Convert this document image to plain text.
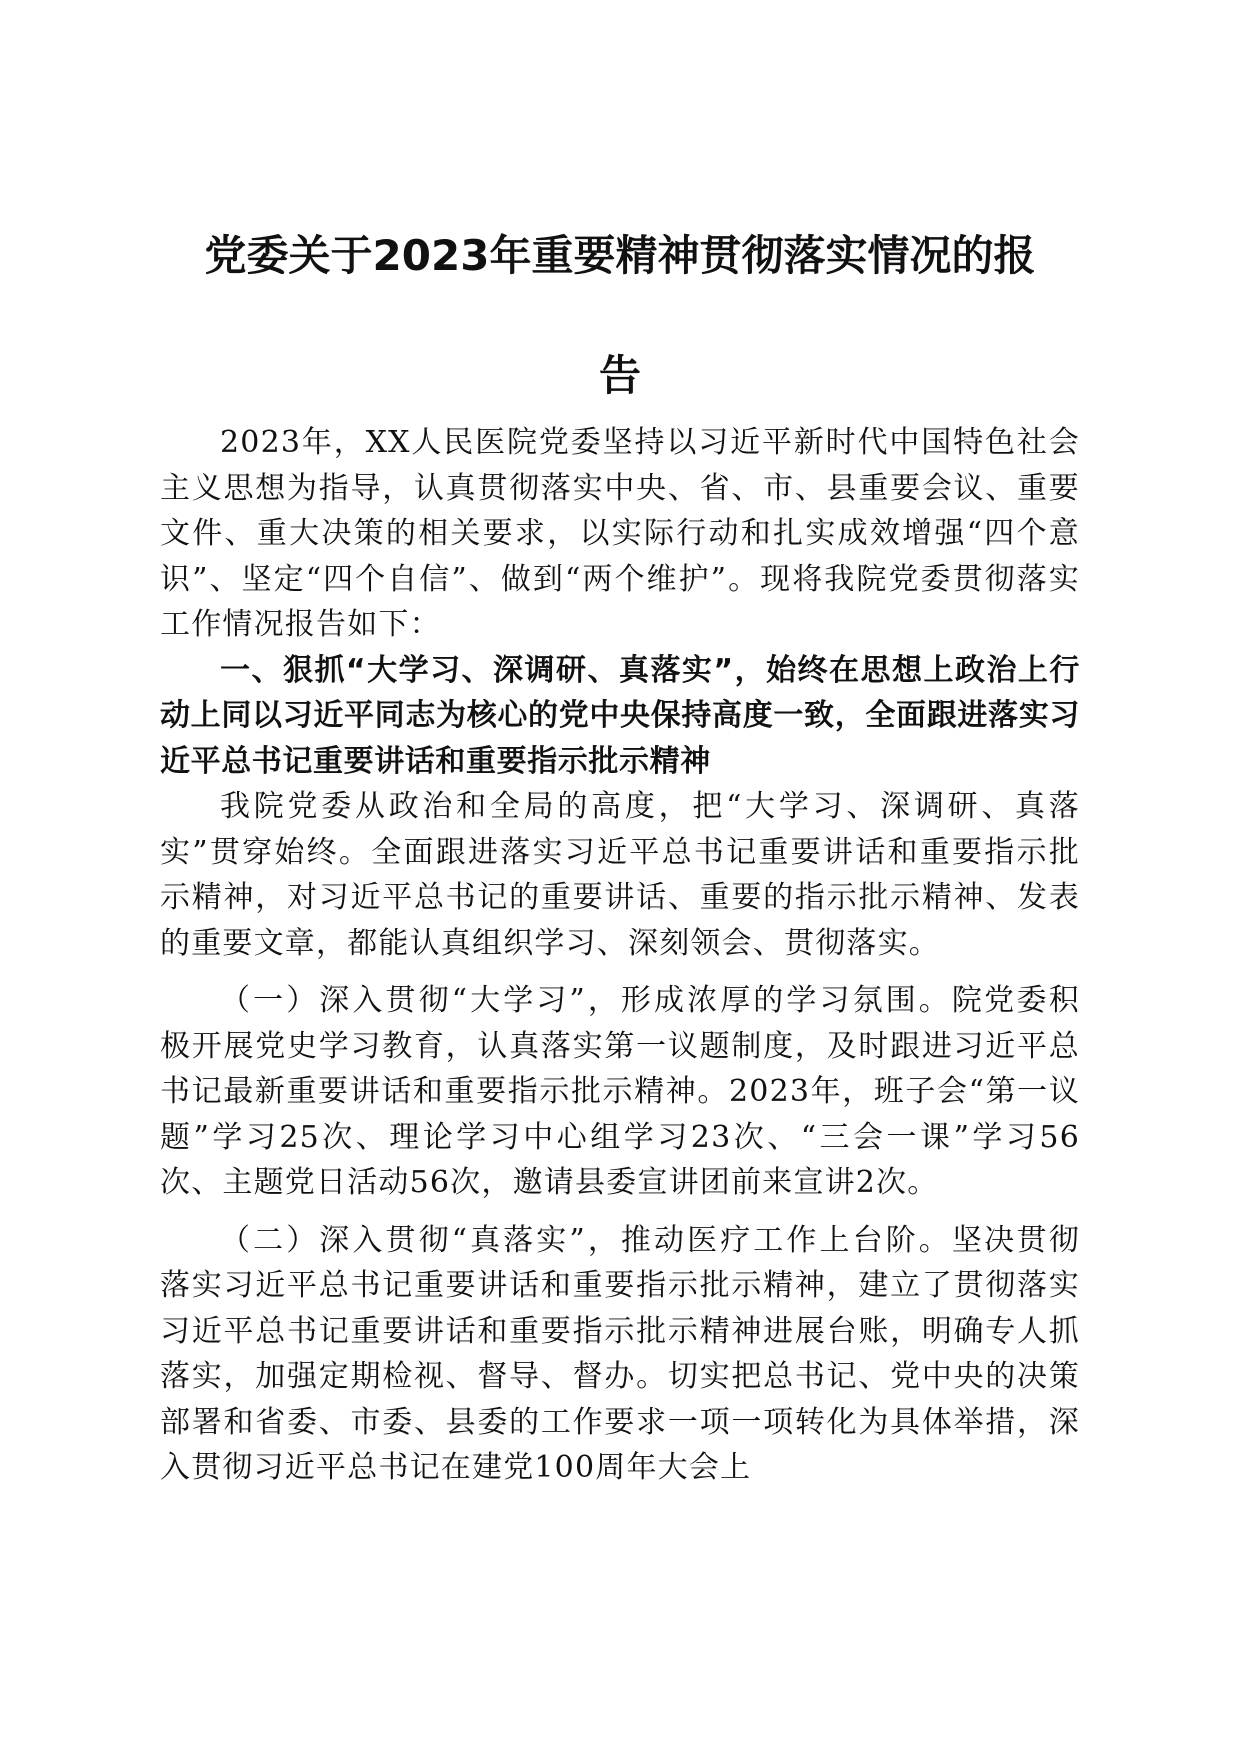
党委关于2023年重要精神贯彻落实情况的报
告

2023年，XX人民医院党委坚持以习近平新时代中国特色社会主义思想为指导，认真贯彻落实中央、省、市、县重要会议、重要文件、重大决策的相关要求，以实际行动和扎实成效增强“四个意识”、坚定“四个自信”、做到“两个维护”。现将我院党委贯彻落实工作情况报告如下：

一、狠抓“大学习、深调研、真落实”，始终在思想上政治上行动上同以习近平同志为核心的党中央保持高度一致，全面跟进落实习近平总书记重要讲话和重要指示批示精神

我院党委从政治和全局的高度，把“大学习、深调研、真落实”贯穿始终。全面跟进落实习近平总书记重要讲话和重要指示批示精神，对习近平总书记的重要讲话、重要的指示批示精神、发表的重要文章，都能认真组织学习、深刻领会、贯彻落实。

（一）深入贯彻“大学习”，形成浓厚的学习氛围。院党委积极开展党史学习教育，认真落实第一议题制度，及时跟进习近平总书记最新重要讲话和重要指示批示精神。2023年，班子会“第一议题”学习25次、理论学习中心组学习23次、“三会一课”学习56次、主题党日活动56次，邀请县委宣讲团前来宣讲2次。

（二）深入贯彻“真落实”，推动医疗工作上台阶。坚决贯彻落实习近平总书记重要讲话和重要指示批示精神，建立了贯彻落实习近平总书记重要讲话和重要指示批示精神进展台账，明确专人抓落实，加强定期检视、督导、督办。切实把总书记、党中央的决策部署和省委、市委、县委的工作要求一项一项转化为具体举措，深入贯彻习近平总书记在建党100周年大会上
